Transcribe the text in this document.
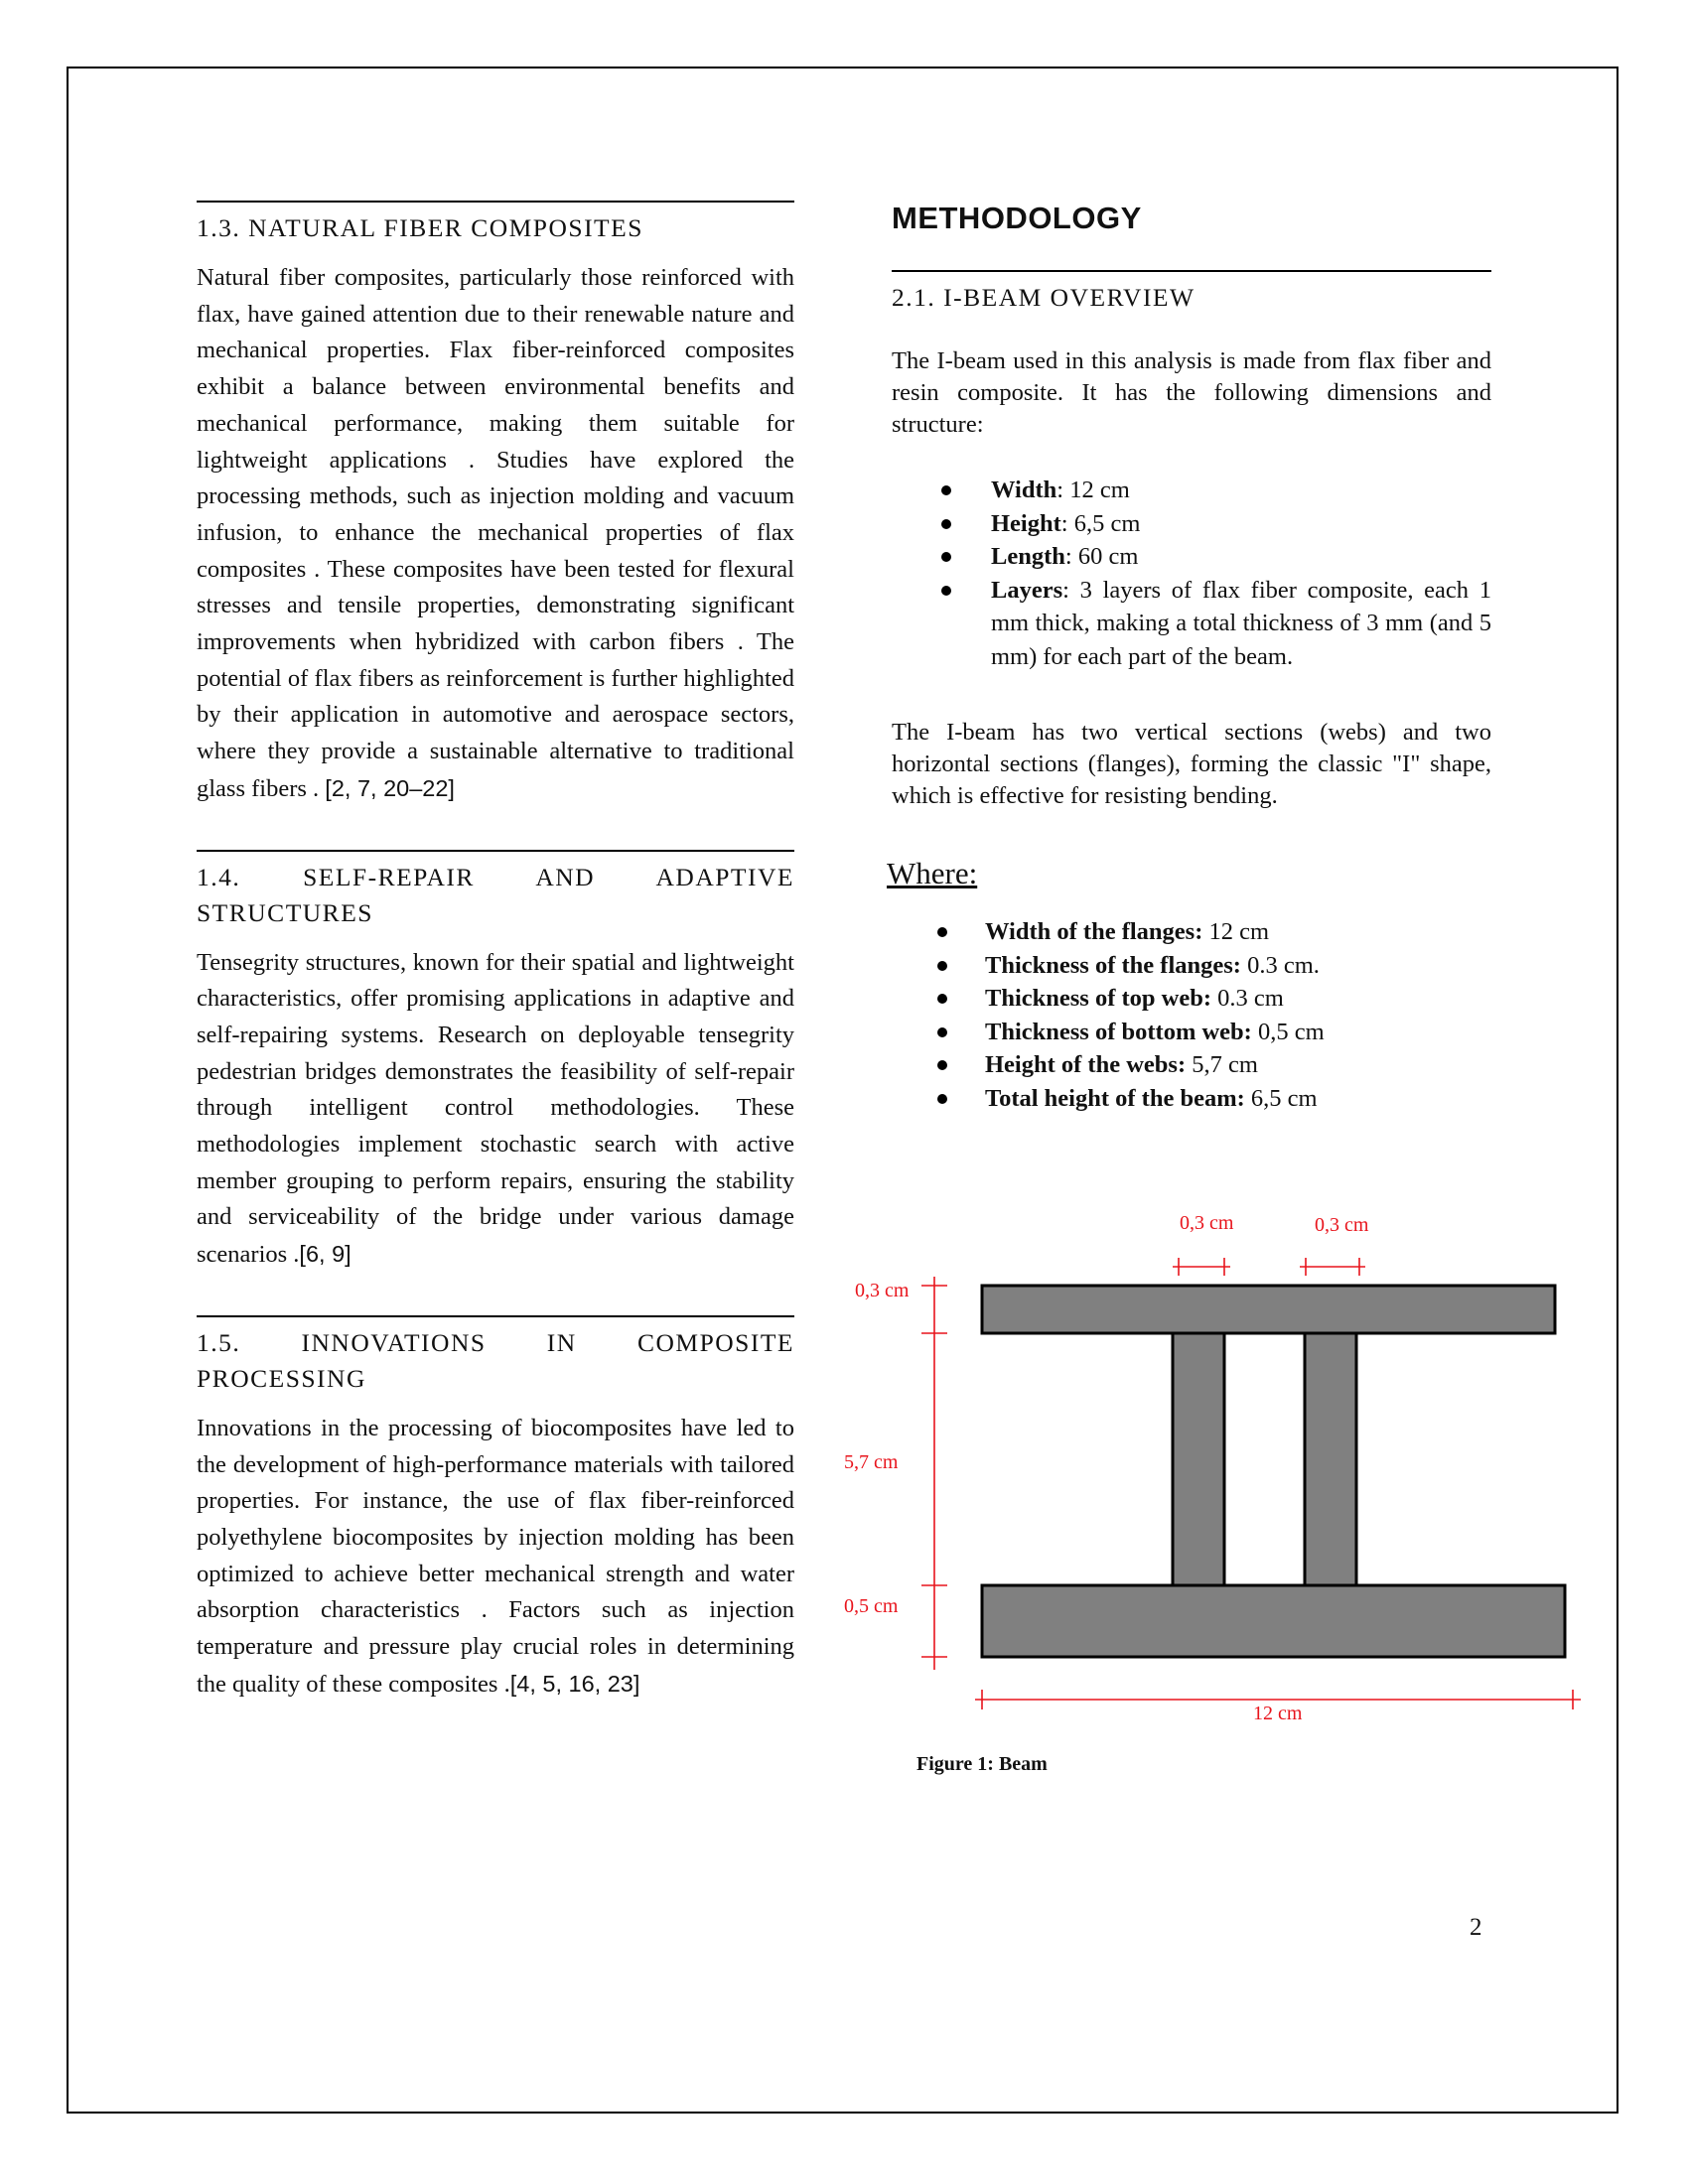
1.3. NATURAL FIBER COMPOSITES

Natural fiber composites, particularly those reinforced with flax, have gained attention due to their renewable nature and mechanical properties. Flax fiber-reinforced composites exhibit a balance between environmental benefits and mechanical performance, making them suitable for lightweight applications . Studies have explored the processing methods, such as injection molding and vacuum infusion, to enhance the mechanical properties of flax composites . These composites have been tested for flexural stresses and tensile properties, demonstrating significant improvements when hybridized with carbon fibers . The potential of flax fibers as reinforcement is further highlighted by their application in automotive and aerospace sectors, where they provide a sustainable alternative to traditional glass fibers . [2, 7, 20–22]

1.4. SELF-REPAIR AND ADAPTIVE STRUCTURES

Tensegrity structures, known for their spatial and lightweight characteristics, offer promising applications in adaptive and self-repairing systems. Research on deployable tensegrity pedestrian bridges demonstrates the feasibility of self-repair through intelligent control methodologies. These methodologies implement stochastic search with active member grouping to perform repairs, ensuring the stability and serviceability of the bridge under various damage scenarios .[6, 9]

1.5. INNOVATIONS IN COMPOSITE PROCESSING

Innovations in the processing of biocomposites have led to the development of high-performance materials with tailored properties. For instance, the use of flax fiber-reinforced polyethylene biocomposites by injection molding has been optimized to achieve better mechanical strength and water absorption characteristics . Factors such as injection temperature and pressure play crucial roles in determining the quality of these composites .[4, 5, 16, 23]

METHODOLOGY
2.1. I-BEAM OVERVIEW

The I-beam used in this analysis is made from flax fiber and resin composite. It has the following dimensions and structure:

Width: 12 cm
Height: 6,5 cm
Length: 60 cm
Layers: 3 layers of flax fiber composite, each 1 mm thick, making a total thickness of 3 mm (and 5 mm) for each part of the beam.

The I-beam has two vertical sections (webs) and two horizontal sections (flanges), forming the classic "I" shape, which is effective for resisting bending.

Where:

Width of the flanges: 12 cm
Thickness of the flanges: 0.3 cm.
Thickness of top web: 0.3 cm
Thickness of bottom web: 0,5 cm
Height of the webs: 5,7 cm
Total height of the beam: 6,5 cm
0,3 cm	0,3 cm
0,3 cm
5,7 cm
0,5 cm
12 cm
Figure 1: Beam
2
